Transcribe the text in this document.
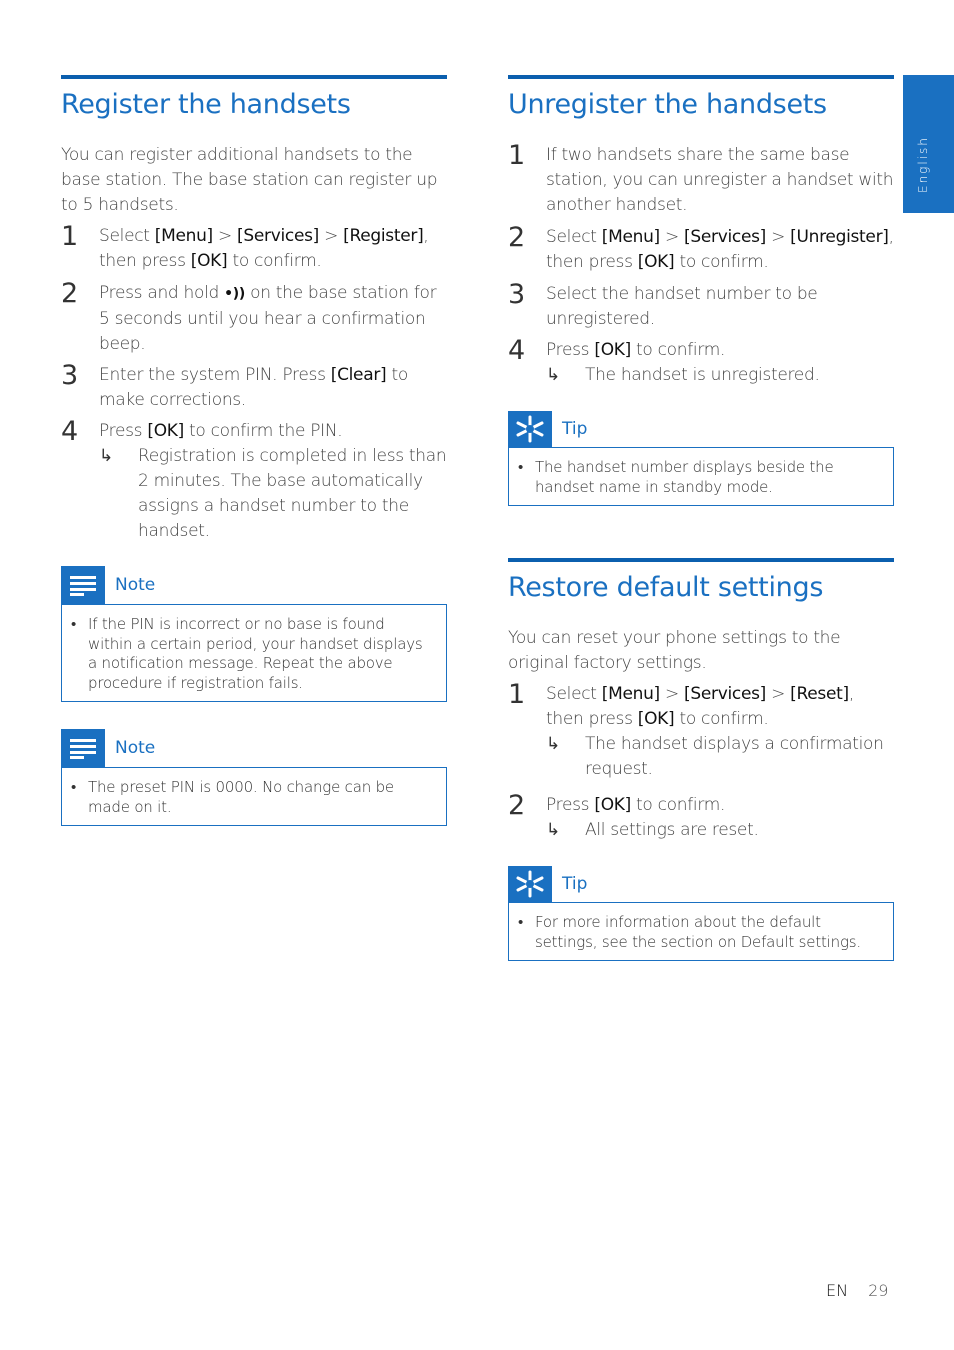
English
Register the handsets

You can register additional handsets to the base station. The base station can register up to 5 handsets.

1 Select [Menu] > [Services] > [Register], then press [OK] to confirm.
2 Press and hold •)) on the base station for 5 seconds until you hear a confirmation beep.
3 Enter the system PIN. Press [Clear] to make corrections.
4 Press [OK] to confirm the PIN.
↳ Registration is completed in less than 2 minutes. The base automatically assigns a handset number to the handset.
Note
• If the PIN is incorrect or no base is found within a certain period, your handset displays a notification message. Repeat the above procedure if registration fails.
Note
• The preset PIN is 0000. No change can be made on it.
Unregister the handsets
1 If two handsets share the same base station, you can unregister a handset with another handset.
2 Select [Menu] > [Services] > [Unregister], then press [OK] to confirm.
3 Select the handset number to be unregistered.
4 Press [OK] to confirm.
↳ The handset is unregistered.
Tip
• The handset number displays beside the handset name in standby mode.
Restore default settings

You can reset your phone settings to the original factory settings.

1 Select [Menu] > [Services] > [Reset], then press [OK] to confirm.
↳ The handset displays a confirmation request.
2 Press [OK] to confirm.
↳ All settings are reset.
Tip
• For more information about the default settings, see the section on Default settings.
EN 29
